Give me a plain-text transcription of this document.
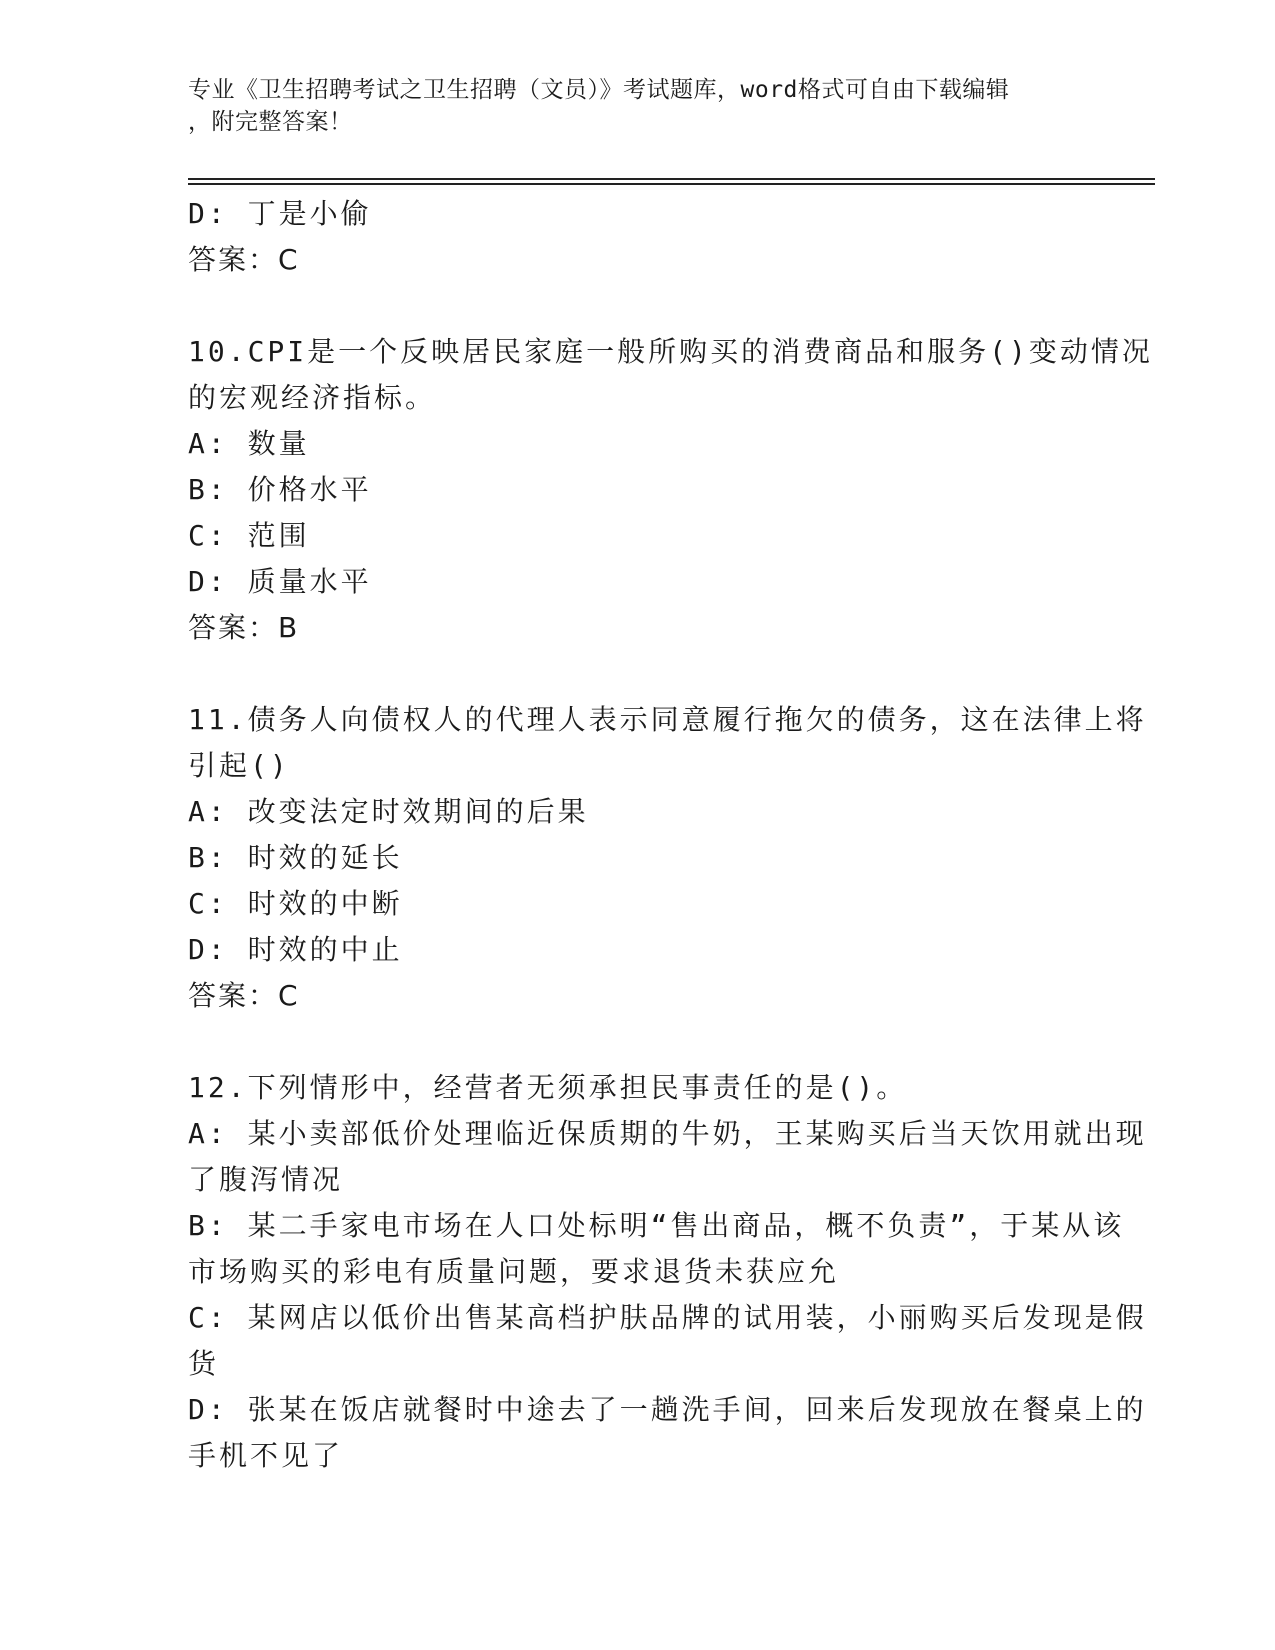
专业《卫生招聘考试之卫生招聘（文员）》考试题库，word格式可自由下载编辑
，附完整答案！
D: 丁是小偷
答案：C
10.CPI是一个反映居民家庭一般所购买的消费商品和服务()变动情况
的宏观经济指标。
A: 数量
B: 价格水平
C: 范围
D: 质量水平
答案：B
11.债务人向债权人的代理人表示同意履行拖欠的债务，这在法律上将
引起()
A: 改变法定时效期间的后果
B: 时效的延长
C: 时效的中断
D: 时效的中止
答案：C
12.下列情形中，经营者无须承担民事责任的是()。
A: 某小卖部低价处理临近保质期的牛奶，王某购买后当天饮用就出现
了腹泻情况
B: 某二手家电市场在人口处标明“售出商品，概不负责”，于某从该
市场购买的彩电有质量问题，要求退货未获应允
C: 某网店以低价出售某高档护肤品牌的试用装，小丽购买后发现是假
货
D: 张某在饭店就餐时中途去了一趟洗手间，回来后发现放在餐桌上的
手机不见了
